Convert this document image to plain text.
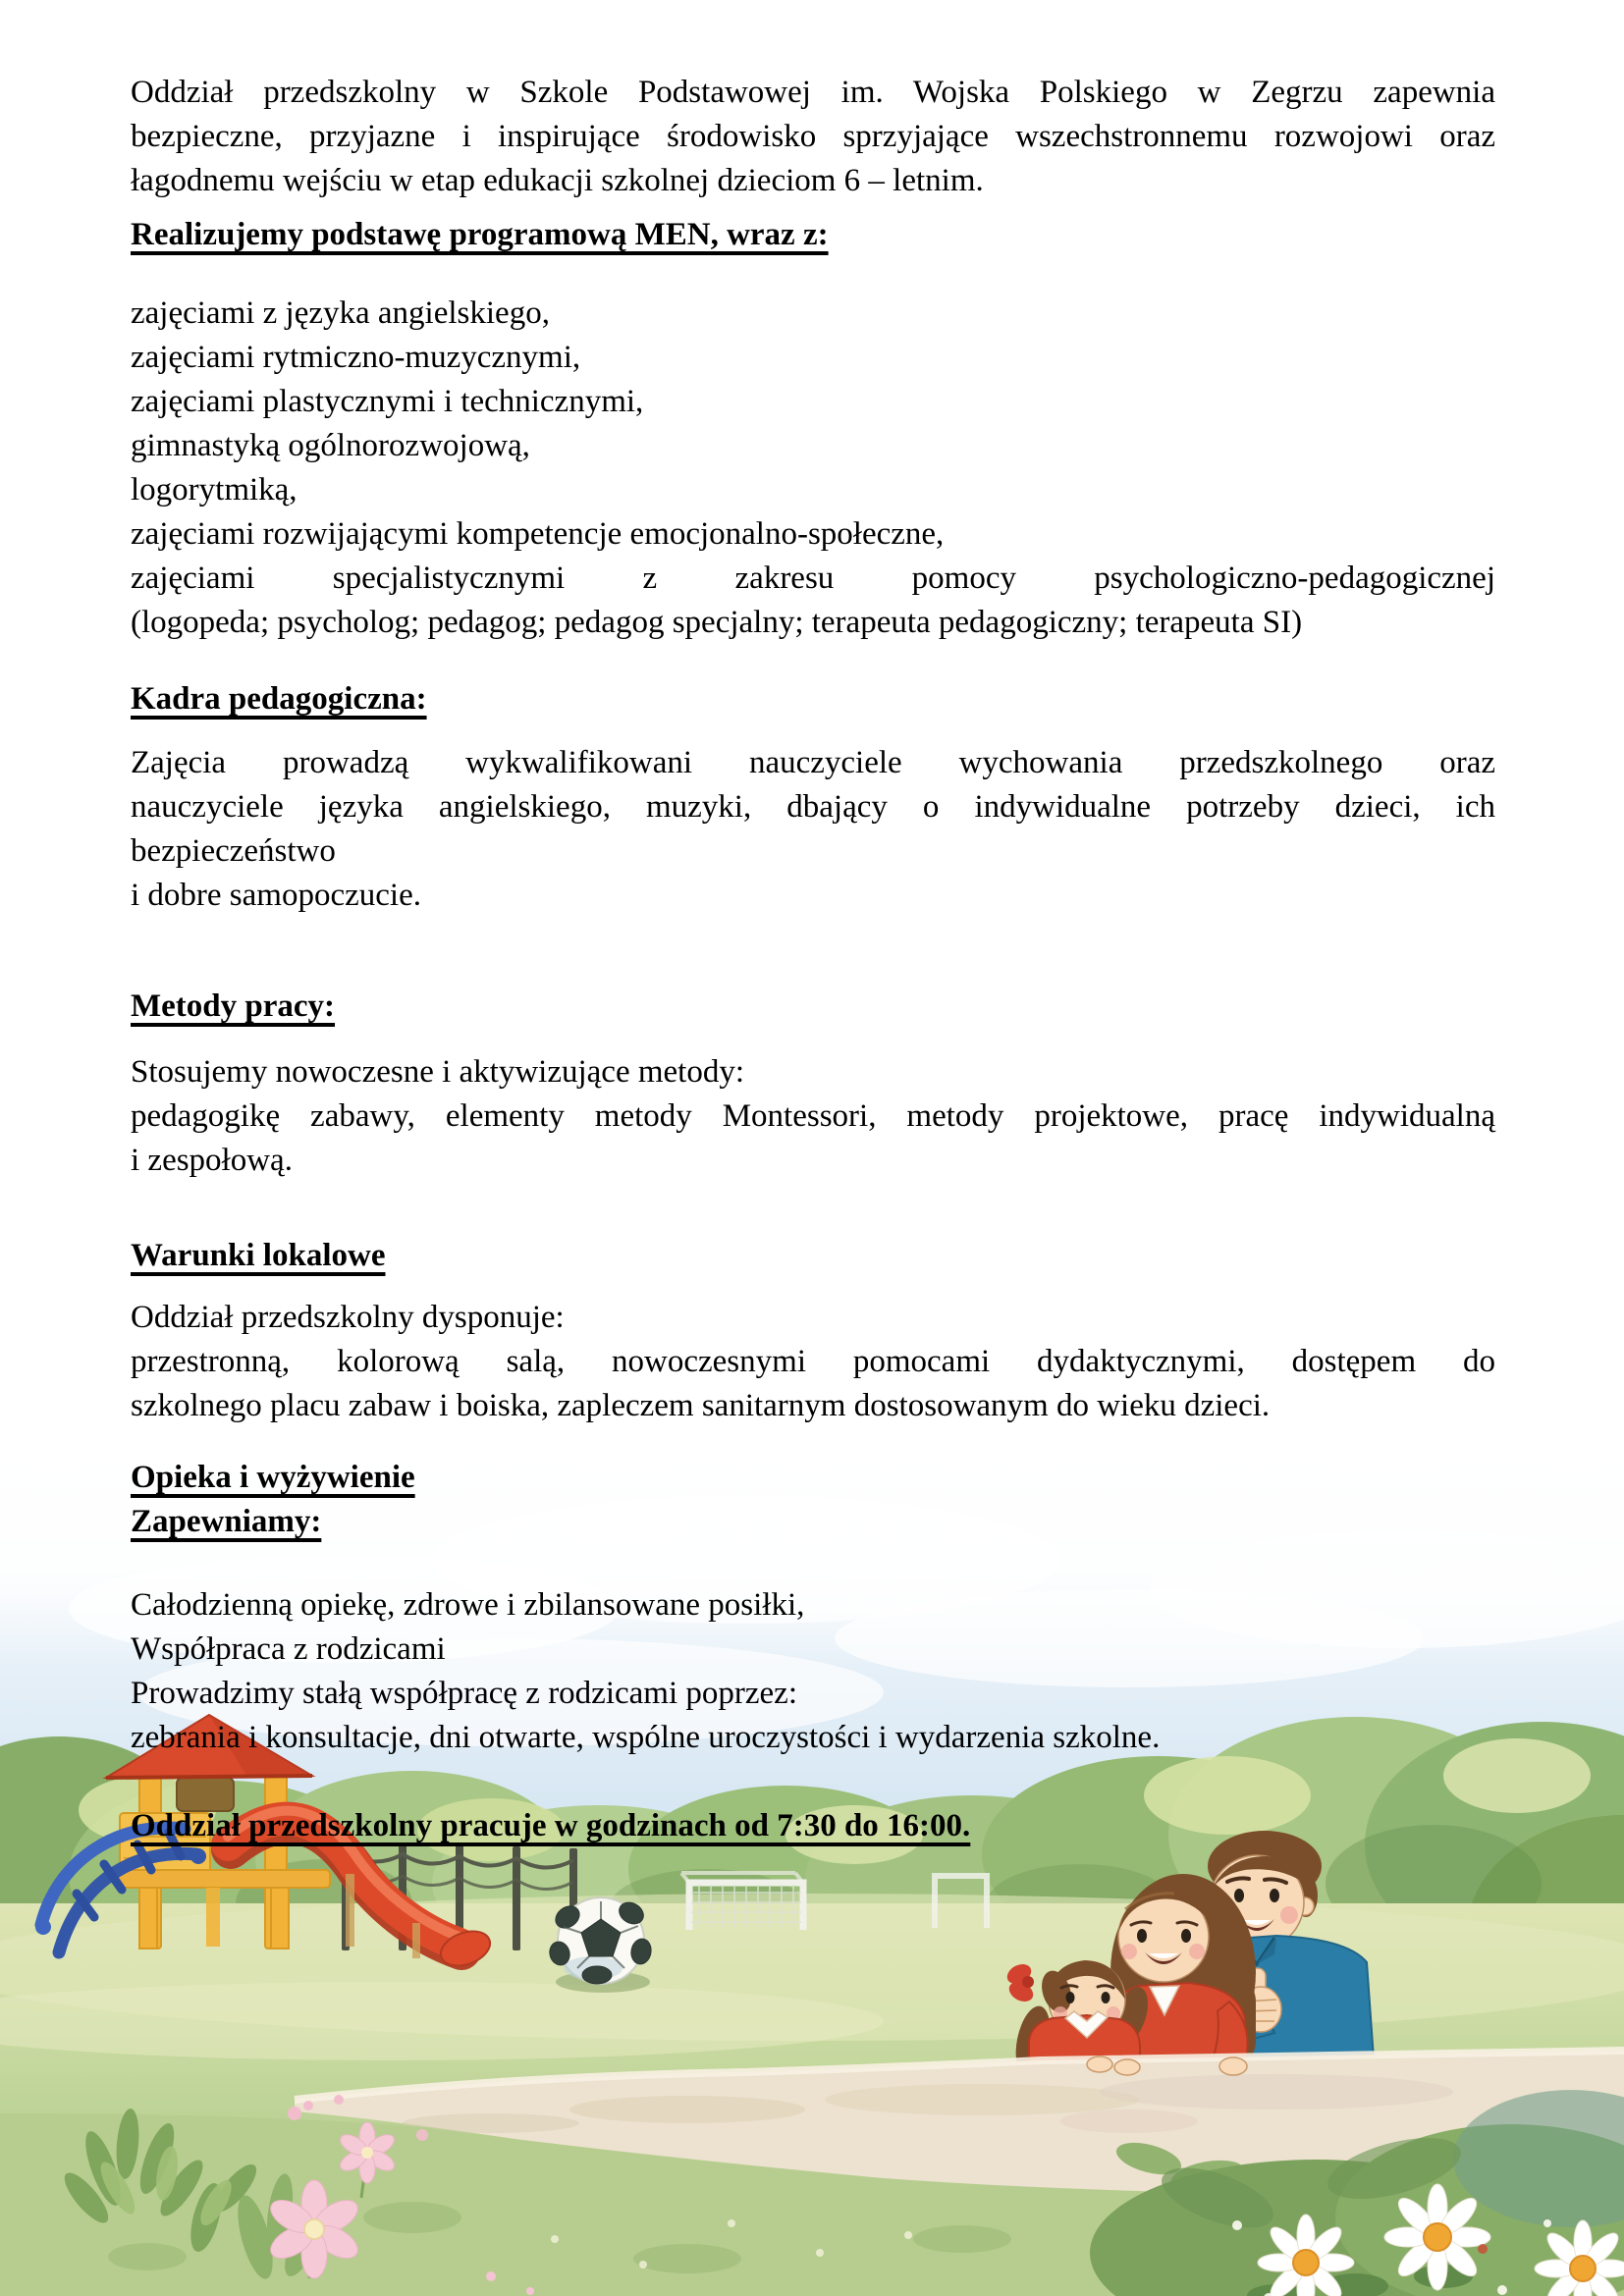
Oddział przedszkolny w Szkole Podstawowej im. Wojska Polskiego w Zegrzu zapewnia
bezpieczne, przyjazne i inspirujące środowisko sprzyjające wszechstronnemu rozwojowi oraz
łagodnemu wejściu w etap edukacji szkolnej dzieciom 6 – letnim.
Realizujemy podstawę programową MEN, wraz z:
zajęciami z języka angielskiego,
zajęciami rytmiczno-muzycznymi,
zajęciami plastycznymi i technicznymi,
gimnastyką ogólnorozwojową,
logorytmiką,
zajęciami rozwijającymi kompetencje emocjonalno-społeczne,
zajęciami specjalistycznymi z zakresu pomocy psychologiczno-pedagogicznej
(logopeda; psycholog; pedagog; pedagog specjalny; terapeuta pedagogiczny; terapeuta SI)
Kadra pedagogiczna:
Zajęcia prowadzą wykwalifikowani nauczyciele wychowania przedszkolnego oraz
nauczyciele języka angielskiego, muzyki, dbający o indywidualne potrzeby dzieci, ich
bezpieczeństwo
i dobre samopoczucie.
Metody pracy:
Stosujemy nowoczesne i aktywizujące metody:
pedagogikę zabawy, elementy metody Montessori, metody projektowe, pracę indywidualną
i zespołową.
Warunki lokalowe
Oddział przedszkolny dysponuje:
przestronną, kolorową salą, nowoczesnymi pomocami dydaktycznymi, dostępem do
szkolnego placu zabaw i boiska, zapleczem sanitarnym dostosowanym do wieku dzieci.
Opieka i wyżywienie
Zapewniamy:
Całodzienną opiekę, zdrowe i zbilansowane posiłki,
Współpraca z rodzicami
Prowadzimy stałą współpracę z rodzicami poprzez:
zebrania i konsultacje, dni otwarte, wspólne uroczystości i wydarzenia szkolne.
Oddział przedszkolny pracuje w godzinach od 7:30 do 16:00.
